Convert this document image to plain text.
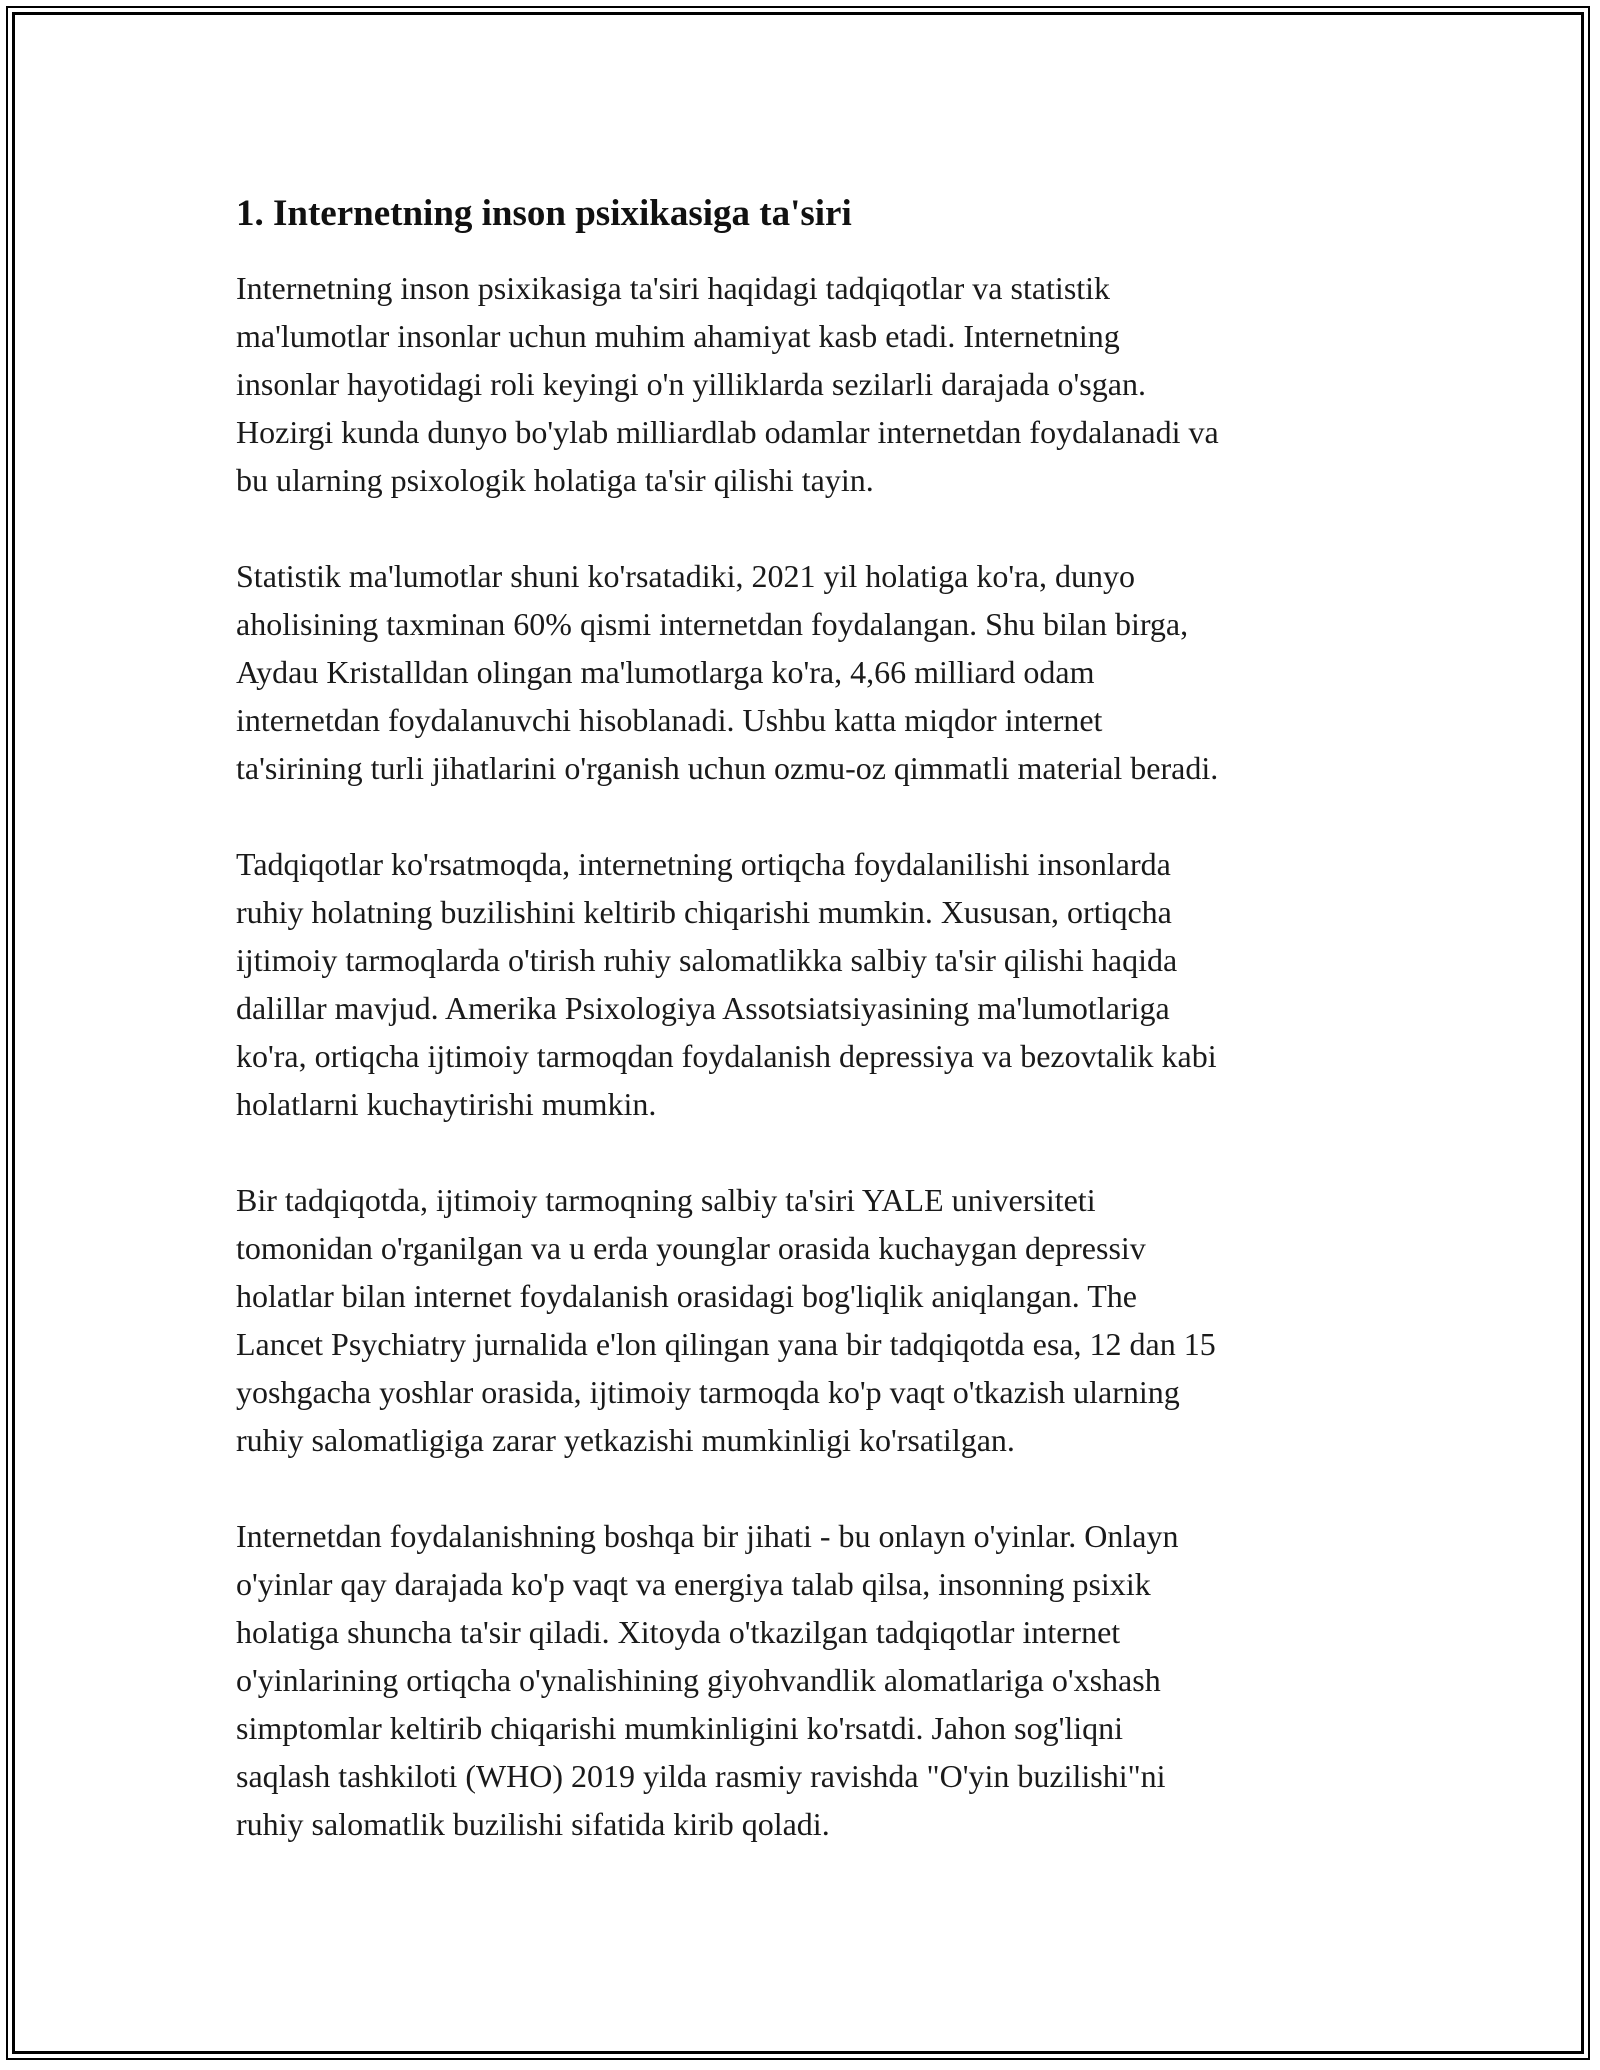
1. Internetning inson psixikasiga ta'siri

Internetning inson psixikasiga ta'siri haqidagi tadqiqotlar va statistik
ma'lumotlar insonlar uchun muhim ahamiyat kasb etadi. Internetning
insonlar hayotidagi roli keyingi o'n yilliklarda sezilarli darajada o'sgan.
Hozirgi kunda dunyo bo'ylab milliardlab odamlar internetdan foydalanadi va
bu ularning psixologik holatiga ta'sir qilishi tayin.

Statistik ma'lumotlar shuni ko'rsatadiki, 2021 yil holatiga ko'ra, dunyo
aholisining taxminan 60% qismi internetdan foydalangan. Shu bilan birga,
Aydau Kristalldan olingan ma'lumotlarga ko'ra, 4,66 milliard odam
internetdan foydalanuvchi hisoblanadi. Ushbu katta miqdor internet
ta'sirining turli jihatlarini o'rganish uchun ozmu-oz qimmatli material beradi.

Tadqiqotlar ko'rsatmoqda, internetning ortiqcha foydalanilishi insonlarda
ruhiy holatning buzilishini keltirib chiqarishi mumkin. Xususan, ortiqcha
ijtimoiy tarmoqlarda o'tirish ruhiy salomatlikka salbiy ta'sir qilishi haqida
dalillar mavjud. Amerika Psixologiya Assotsiatsiyasining ma'lumotlariga
ko'ra, ortiqcha ijtimoiy tarmoqdan foydalanish depressiya va bezovtalik kabi
holatlarni kuchaytirishi mumkin.

Bir tadqiqotda, ijtimoiy tarmoqning salbiy ta'siri YALE universiteti
tomonidan o'rganilgan va u erda younglar orasida kuchaygan depressiv
holatlar bilan internet foydalanish orasidagi bog'liqlik aniqlangan. The
Lancet Psychiatry jurnalida e'lon qilingan yana bir tadqiqotda esa, 12 dan 15
yoshgacha yoshlar orasida, ijtimoiy tarmoqda ko'p vaqt o'tkazish ularning
ruhiy salomatligiga zarar yetkazishi mumkinligi ko'rsatilgan.

Internetdan foydalanishning boshqa bir jihati - bu onlayn o'yinlar. Onlayn
o'yinlar qay darajada ko'p vaqt va energiya talab qilsa, insonning psixik
holatiga shuncha ta'sir qiladi. Xitoyda o'tkazilgan tadqiqotlar internet
o'yinlarining ortiqcha o'ynalishining giyohvandlik alomatlariga o'xshash
simptomlar keltirib chiqarishi mumkinligini ko'rsatdi. Jahon sog'liqni
saqlash tashkiloti (WHO) 2019 yilda rasmiy ravishda "O'yin buzilishi"ni
ruhiy salomatlik buzilishi sifatida kirib qoladi.
